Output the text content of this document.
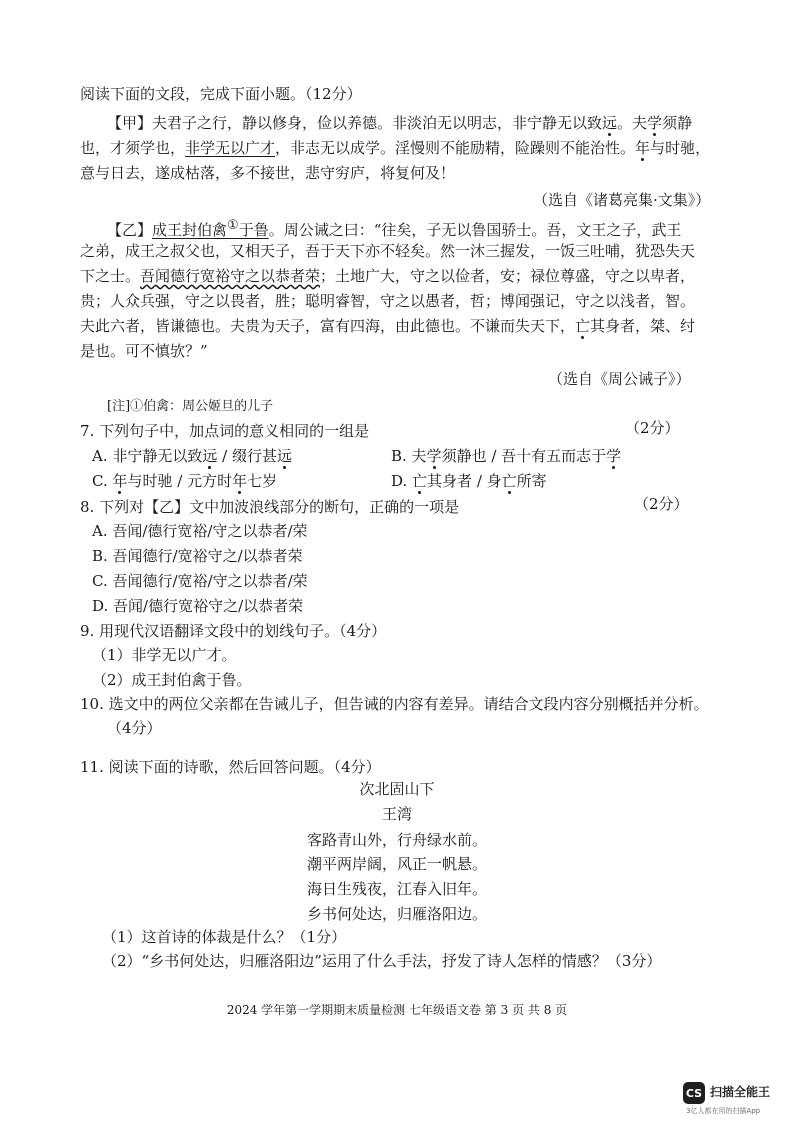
阅读下面的文段，完成下面小题。（12分）
【甲】夫君子之行，静以修身，俭以养德。非淡泊无以明志，非宁静无以致远。夫学须静
也，才须学也，非学无以广才，非志无以成学。淫慢则不能励精，险躁则不能治性。年与时驰，
意与日去，遂成枯落，多不接世，悲守穷庐，将复何及！
（选自《诸葛亮集·文集》）
【乙】成王封伯禽①于鲁。周公诫之曰：“往矣，子无以鲁国骄士。吾，文王之子，武王
之弟，成王之叔父也，又相天子，吾于天下亦不轻矣。然一沐三握发，一饭三吐哺，犹恐失天
下之士。吾闻德行宽裕守之以恭者荣；土地广大，守之以俭者，安；禄位尊盛，守之以卑者，
贵；人众兵强，守之以畏者，胜；聪明睿智，守之以愚者，哲；博闻强记，守之以浅者，智。
夫此六者，皆谦德也。夫贵为天子，富有四海，由此德也。不谦而失天下，亡其身者，桀、纣
是也。可不慎欤？”
（选自《周公诫子》）
[注]①伯禽：周公姬旦的儿子
7. 下列句子中，加点词的意义相同的一组是	（2分）
A. 非宁静无以致远 / 缀行甚远	B. 夫学须静也 / 吾十有五而志于学
C. 年与时驰 / 元方时年七岁	D. 亡其身者 / 身亡所寄
8. 下列对【乙】文中加波浪线部分的断句，正确的一项是	（2分）
A. 吾闻/德行宽裕/守之以恭者/荣
B. 吾闻德行/宽裕守之/以恭者荣
C. 吾闻德行/宽裕/守之以恭者/荣
D. 吾闻/德行宽裕守之/以恭者荣
9. 用现代汉语翻译文段中的划线句子。（4分）
（1）非学无以广才。
（2）成王封伯禽于鲁。
10. 选文中的两位父亲都在告诫儿子，但告诫的内容有差异。请结合文段内容分别概括并分析。
（4分）
11. 阅读下面的诗歌，然后回答问题。（4分）
次北固山下
王湾
客路青山外，行舟绿水前。
潮平两岸阔，风正一帆悬。
海日生残夜，江春入旧年。
乡书何处达，归雁洛阳边。
（1）这首诗的体裁是什么？（1分）
（2）“乡书何处达，归雁洛阳边”运用了什么手法，抒发了诗人怎样的情感？（3分）
2024 学年第一学期期末质量检测 七年级语文卷 第 3 页 共 8 页
CS 扫描全能王
3亿人都在用的扫描App
